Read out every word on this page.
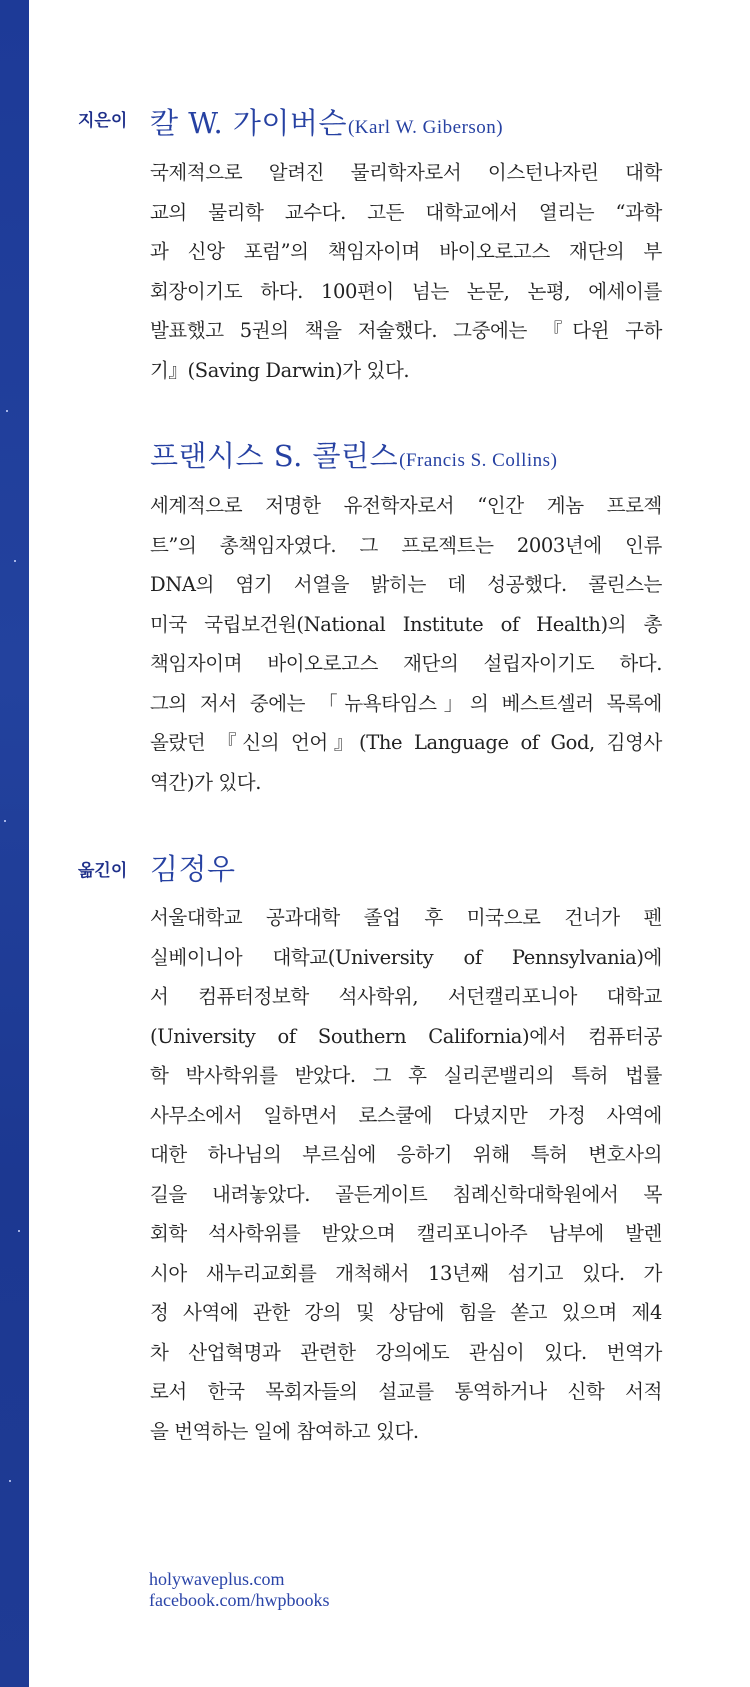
지은이 칼 W. 가이버슨(Karl W. Giberson)
국제적으로 알려진 물리학자로서 이스턴나자린 대학
교의 물리학 교수다. 고든 대학교에서 열리는 “과학
과 신앙 포럼”의 책임자이며 바이오로고스 재단의 부
회장이기도 하다. 100편이 넘는 논문, 논평, 에세이를
발표했고 5권의 책을 저술했다. 그중에는 『다윈 구하
기』(Saving Darwin)가 있다.
프랜시스 S. 콜린스(Francis S. Collins)
세계적으로 저명한 유전학자로서 “인간 게놈 프로젝
트”의 총책임자였다. 그 프로젝트는 2003년에 인류
DNA의 염기 서열을 밝히는 데 성공했다. 콜린스는
미국 국립보건원(National Institute of Health)의 총
책임자이며 바이오로고스 재단의 설립자이기도 하다.
그의 저서 중에는 「뉴욕타임스」의 베스트셀러 목록에
올랐던 『신의 언어』(The Language of God, 김영사
역간)가 있다.
옮긴이 김정우
서울대학교 공과대학 졸업 후 미국으로 건너가 펜
실베이니아 대학교(University of Pennsylvania)에
서 컴퓨터정보학 석사학위, 서던캘리포니아 대학교
(University of Southern California)에서 컴퓨터공
학 박사학위를 받았다. 그 후 실리콘밸리의 특허 법률
사무소에서 일하면서 로스쿨에 다녔지만 가정 사역에
대한 하나님의 부르심에 응하기 위해 특허 변호사의
길을 내려놓았다. 골든게이트 침례신학대학원에서 목
회학 석사학위를 받았으며 캘리포니아주 남부에 발렌
시아 새누리교회를 개척해서 13년째 섬기고 있다. 가
정 사역에 관한 강의 및 상담에 힘을 쏟고 있으며 제4
차 산업혁명과 관련한 강의에도 관심이 있다. 번역가
로서 한국 목회자들의 설교를 통역하거나 신학 서적
을 번역하는 일에 참여하고 있다.
holywaveplus.com
facebook.com/hwpbooks
